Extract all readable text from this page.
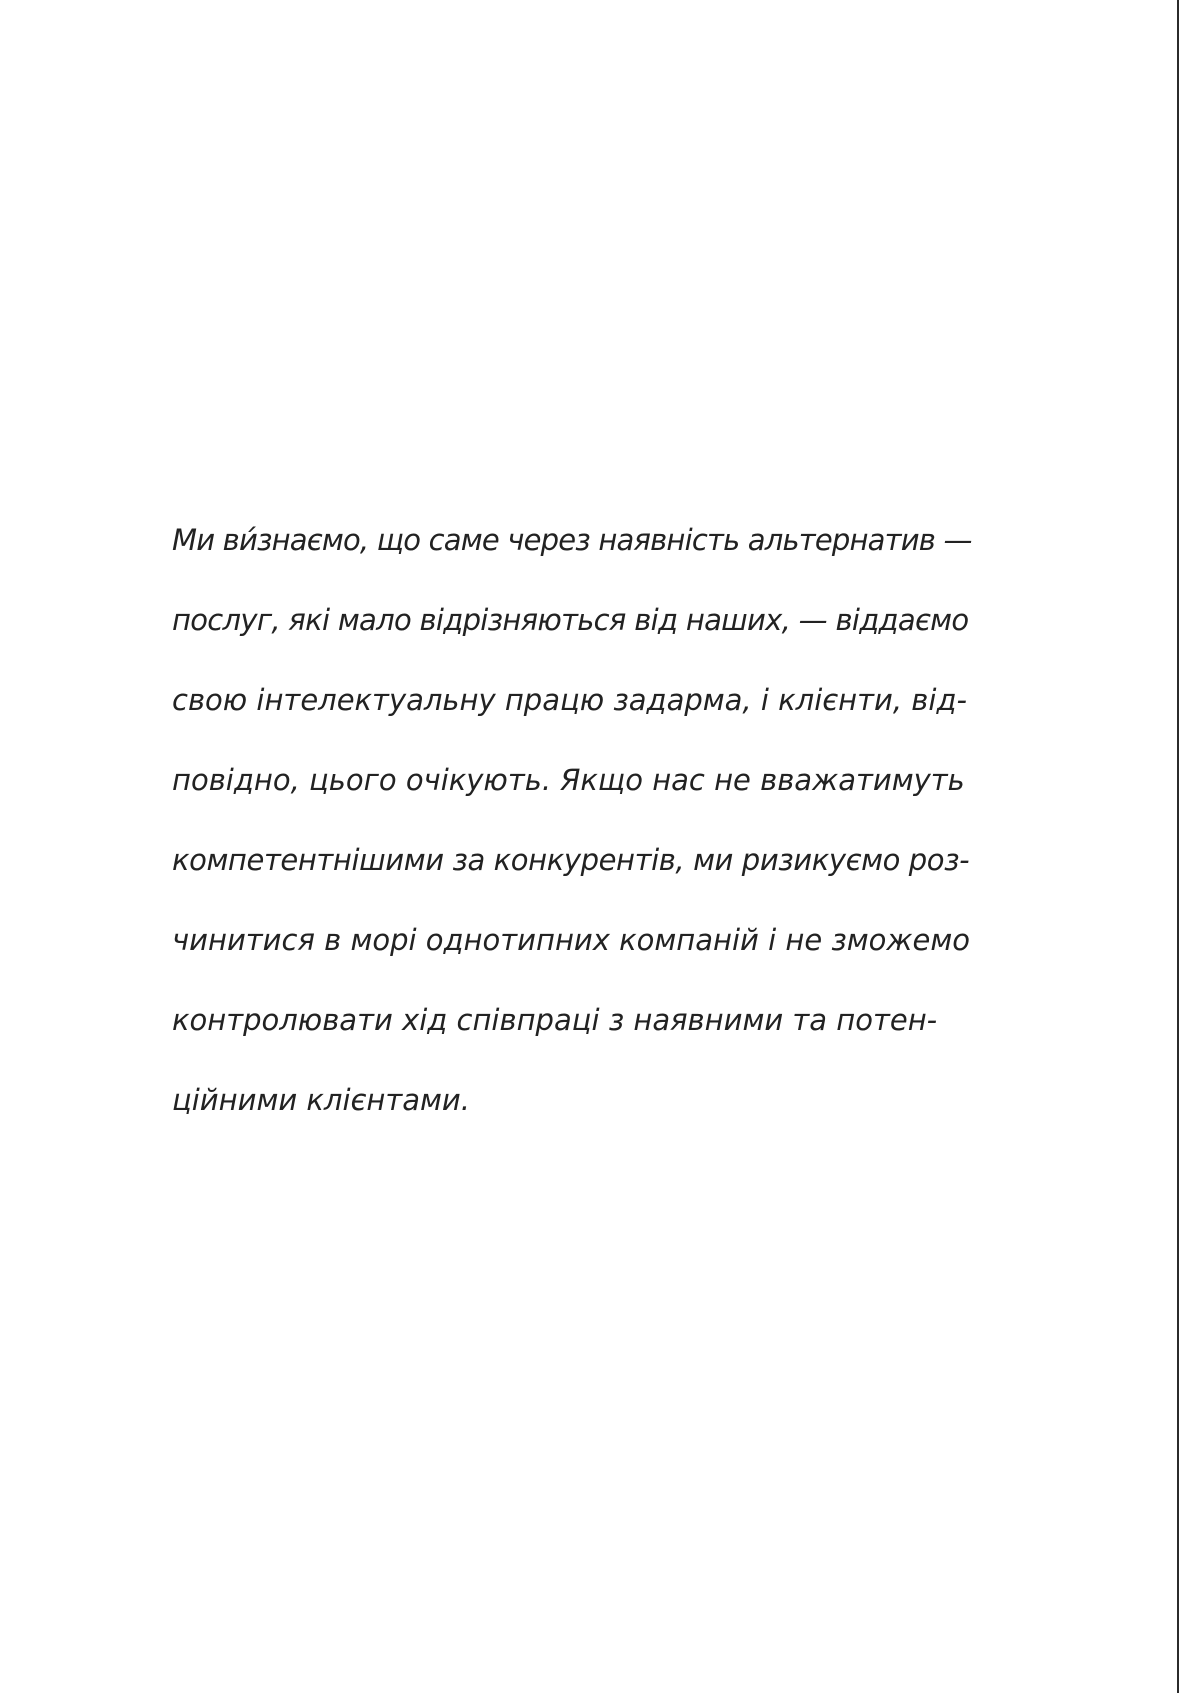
Ми ви́знаємо, що саме через наявність альтернатив —
послуг, які мало відрізняються від наших, — віддаємо
свою інтелектуальну працю задарма, і клієнти, від-
повідно, цього очікують. Якщо нас не вважатимуть
компетентнішими за конкурентів, ми ризикуємо роз-
чинитися в морі однотипних компаній і не зможемо
контролювати хід співпраці з наявними та потен-
ційними клієнтами.
